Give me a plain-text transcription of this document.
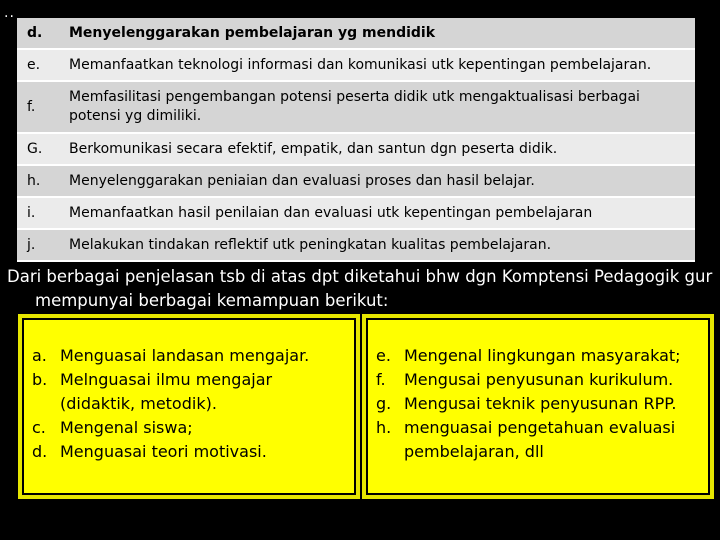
..
d.	Menyelenggarakan pembelajaran yg mendidik
e.	Memanfaatkan teknologi informasi dan komunikasi utk kepentingan pembelajaran.
f.	Memfasilitasi pengembangan potensi peserta didik utk mengaktualisasi berbagai potensi yg dimiliki.
G.	Berkomunikasi secara efektif, empatik, dan santun dgn peserta didik.
h.	Menyelenggarakan peniaian dan evaluasi proses dan hasil belajar.
i.	Memanfaatkan hasil penilaian dan evaluasi utk kepentingan pembelajaran
j.	Melakukan tindakan reflektif utk peningkatan kualitas pembelajaran.
Dari berbagai penjelasan tsb di atas dpt diketahui bhw dgn Komptensi Pedagogik gur
mempunyai berbagai kemampuan berikut:
a. Menguasai landasan mengajar.
b. Melnguasai ilmu mengajar (didaktik, metodik).
c. Mengenal siswa;
d. Menguasai teori motivasi.
e. Mengenal lingkungan masyarakat;
f.	Mengusai penyusunan kurikulum.
g. Mengusai teknik penyusunan RPP.
h. menguasai pengetahuan evaluasi pembelajaran, dll
